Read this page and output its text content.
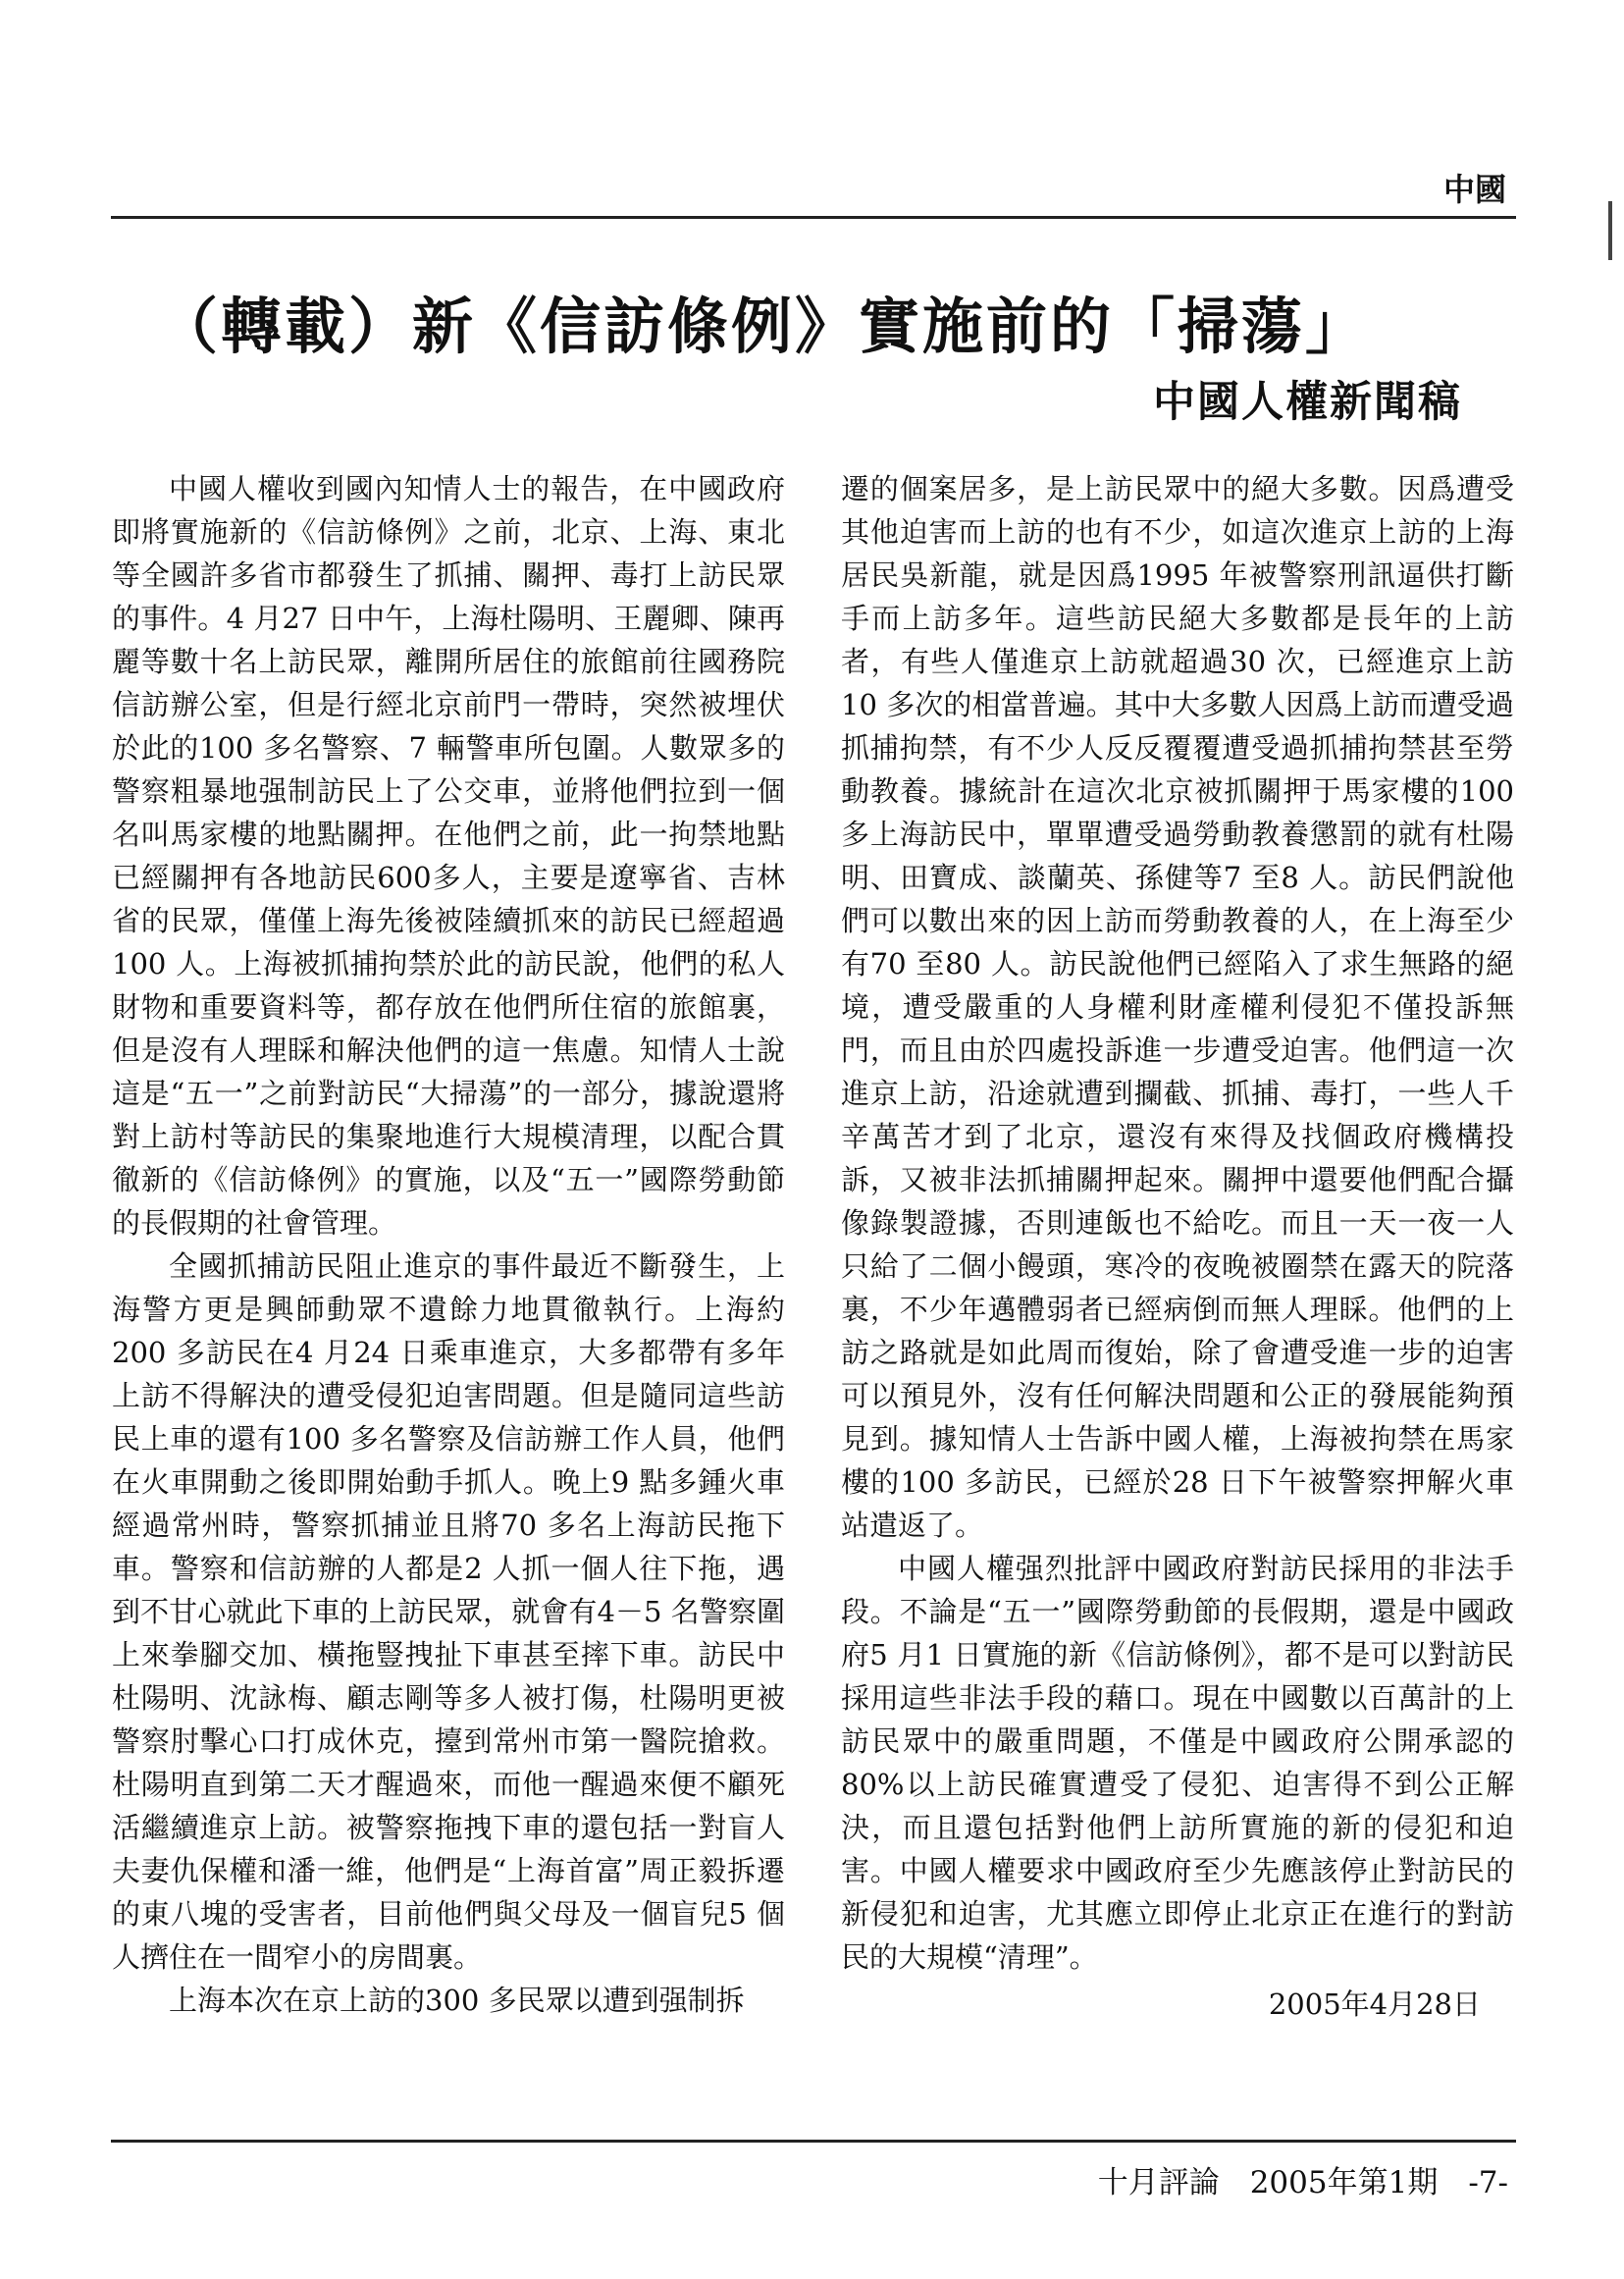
中國
（轉載）新《信訪條例》實施前的「掃蕩」
中國人權新聞稿

中國人權收到國內知情人士的報告，在中國政府即將實施新的《信訪條例》之前，北京、上海、東北等全國許多省市都發生了抓捕、關押、毒打上訪民眾的事件。4 月27 日中午，上海杜陽明、王麗卿、陳再麗等數十名上訪民眾，離開所居住的旅館前往國務院信訪辦公室，但是行經北京前門一帶時，突然被埋伏於此的100 多名警察、7 輛警車所包圍。人數眾多的警察粗暴地强制訪民上了公交車，並將他們拉到一個名叫馬家樓的地點關押。在他們之前，此一拘禁地點已經關押有各地訪民600多人，主要是遼寧省、吉林省的民眾，僅僅上海先後被陸續抓來的訪民已經超過100 人。上海被抓捕拘禁於此的訪民說，他們的私人財物和重要資料等，都存放在他們所住宿的旅館裏，但是沒有人理睬和解決他們的這一焦慮。知情人士說這是“五一”之前對訪民“大掃蕩”的一部分，據說還將對上訪村等訪民的集聚地進行大規模清理，以配合貫徹新的《信訪條例》的實施，以及“五一”國際勞動節的長假期的社會管理。

全國抓捕訪民阻止進京的事件最近不斷發生，上海警方更是興師動眾不遺餘力地貫徹執行。上海約200 多訪民在4 月24 日乘車進京，大多都帶有多年上訪不得解決的遭受侵犯迫害問題。但是隨同這些訪民上車的還有100 多名警察及信訪辦工作人員，他們在火車開動之後即開始動手抓人。晚上9 點多鍾火車經過常州時，警察抓捕並且將70 多名上海訪民拖下車。警察和信訪辦的人都是2 人抓一個人往下拖，遇到不甘心就此下車的上訪民眾，就會有4－5 名警察圍上來拳腳交加、橫拖豎拽扯下車甚至摔下車。訪民中杜陽明、沈詠梅、顧志剛等多人被打傷，杜陽明更被警察肘擊心口打成休克，擡到常州市第一醫院搶救。杜陽明直到第二天才醒過來，而他一醒過來便不顧死活繼續進京上訪。被警察拖拽下車的還包括一對盲人夫妻仇保權和潘一維，他們是“上海首富”周正毅拆遷的東八塊的受害者，目前他們與父母及一個盲兒5 個人擠住在一間窄小的房間裏。

上海本次在京上訪的300 多民眾以遭到强制拆

遷的個案居多，是上訪民眾中的絕大多數。因爲遭受其他迫害而上訪的也有不少，如這次進京上訪的上海居民吳新龍，就是因爲1995 年被警察刑訊逼供打斷手而上訪多年。這些訪民絕大多數都是長年的上訪者，有些人僅進京上訪就超過30 次，已經進京上訪10 多次的相當普遍。其中大多數人因爲上訪而遭受過抓捕拘禁，有不少人反反覆覆遭受過抓捕拘禁甚至勞動教養。據統計在這次北京被抓關押于馬家樓的100 多上海訪民中，單單遭受過勞動教養懲罰的就有杜陽明、田寶成、談蘭英、孫健等7 至8 人。訪民們說他們可以數出來的因上訪而勞動教養的人，在上海至少有70 至80 人。訪民說他們已經陷入了求生無路的絕境，遭受嚴重的人身權利財產權利侵犯不僅投訴無門，而且由於四處投訴進一步遭受迫害。他們這一次進京上訪，沿途就遭到攔截、抓捕、毒打，一些人千辛萬苦才到了北京，還沒有來得及找個政府機構投訴，又被非法抓捕關押起來。關押中還要他們配合攝像錄製證據，否則連飯也不給吃。而且一天一夜一人只給了二個小饅頭，寒冷的夜晚被圈禁在露天的院落裏，不少年邁體弱者已經病倒而無人理睬。他們的上訪之路就是如此周而復始，除了會遭受進一步的迫害可以預見外，沒有任何解決問題和公正的發展能夠預見到。據知情人士告訴中國人權，上海被拘禁在馬家樓的100 多訪民，已經於28 日下午被警察押解火車站遣返了。

中國人權强烈批評中國政府對訪民採用的非法手段。不論是“五一”國際勞動節的長假期，還是中國政府5 月1 日實施的新《信訪條例》，都不是可以對訪民採用這些非法手段的藉口。現在中國數以百萬計的上訪民眾中的嚴重問題，不僅是中國政府公開承認的80%以上訪民確實遭受了侵犯、迫害得不到公正解決，而且還包括對他們上訪所實施的新的侵犯和迫害。中國人權要求中國政府至少先應該停止對訪民的新侵犯和迫害，尤其應立即停止北京正在進行的對訪民的大規模“清理”。

2005年4月28日
十月評論　2005年第1期　-7-
